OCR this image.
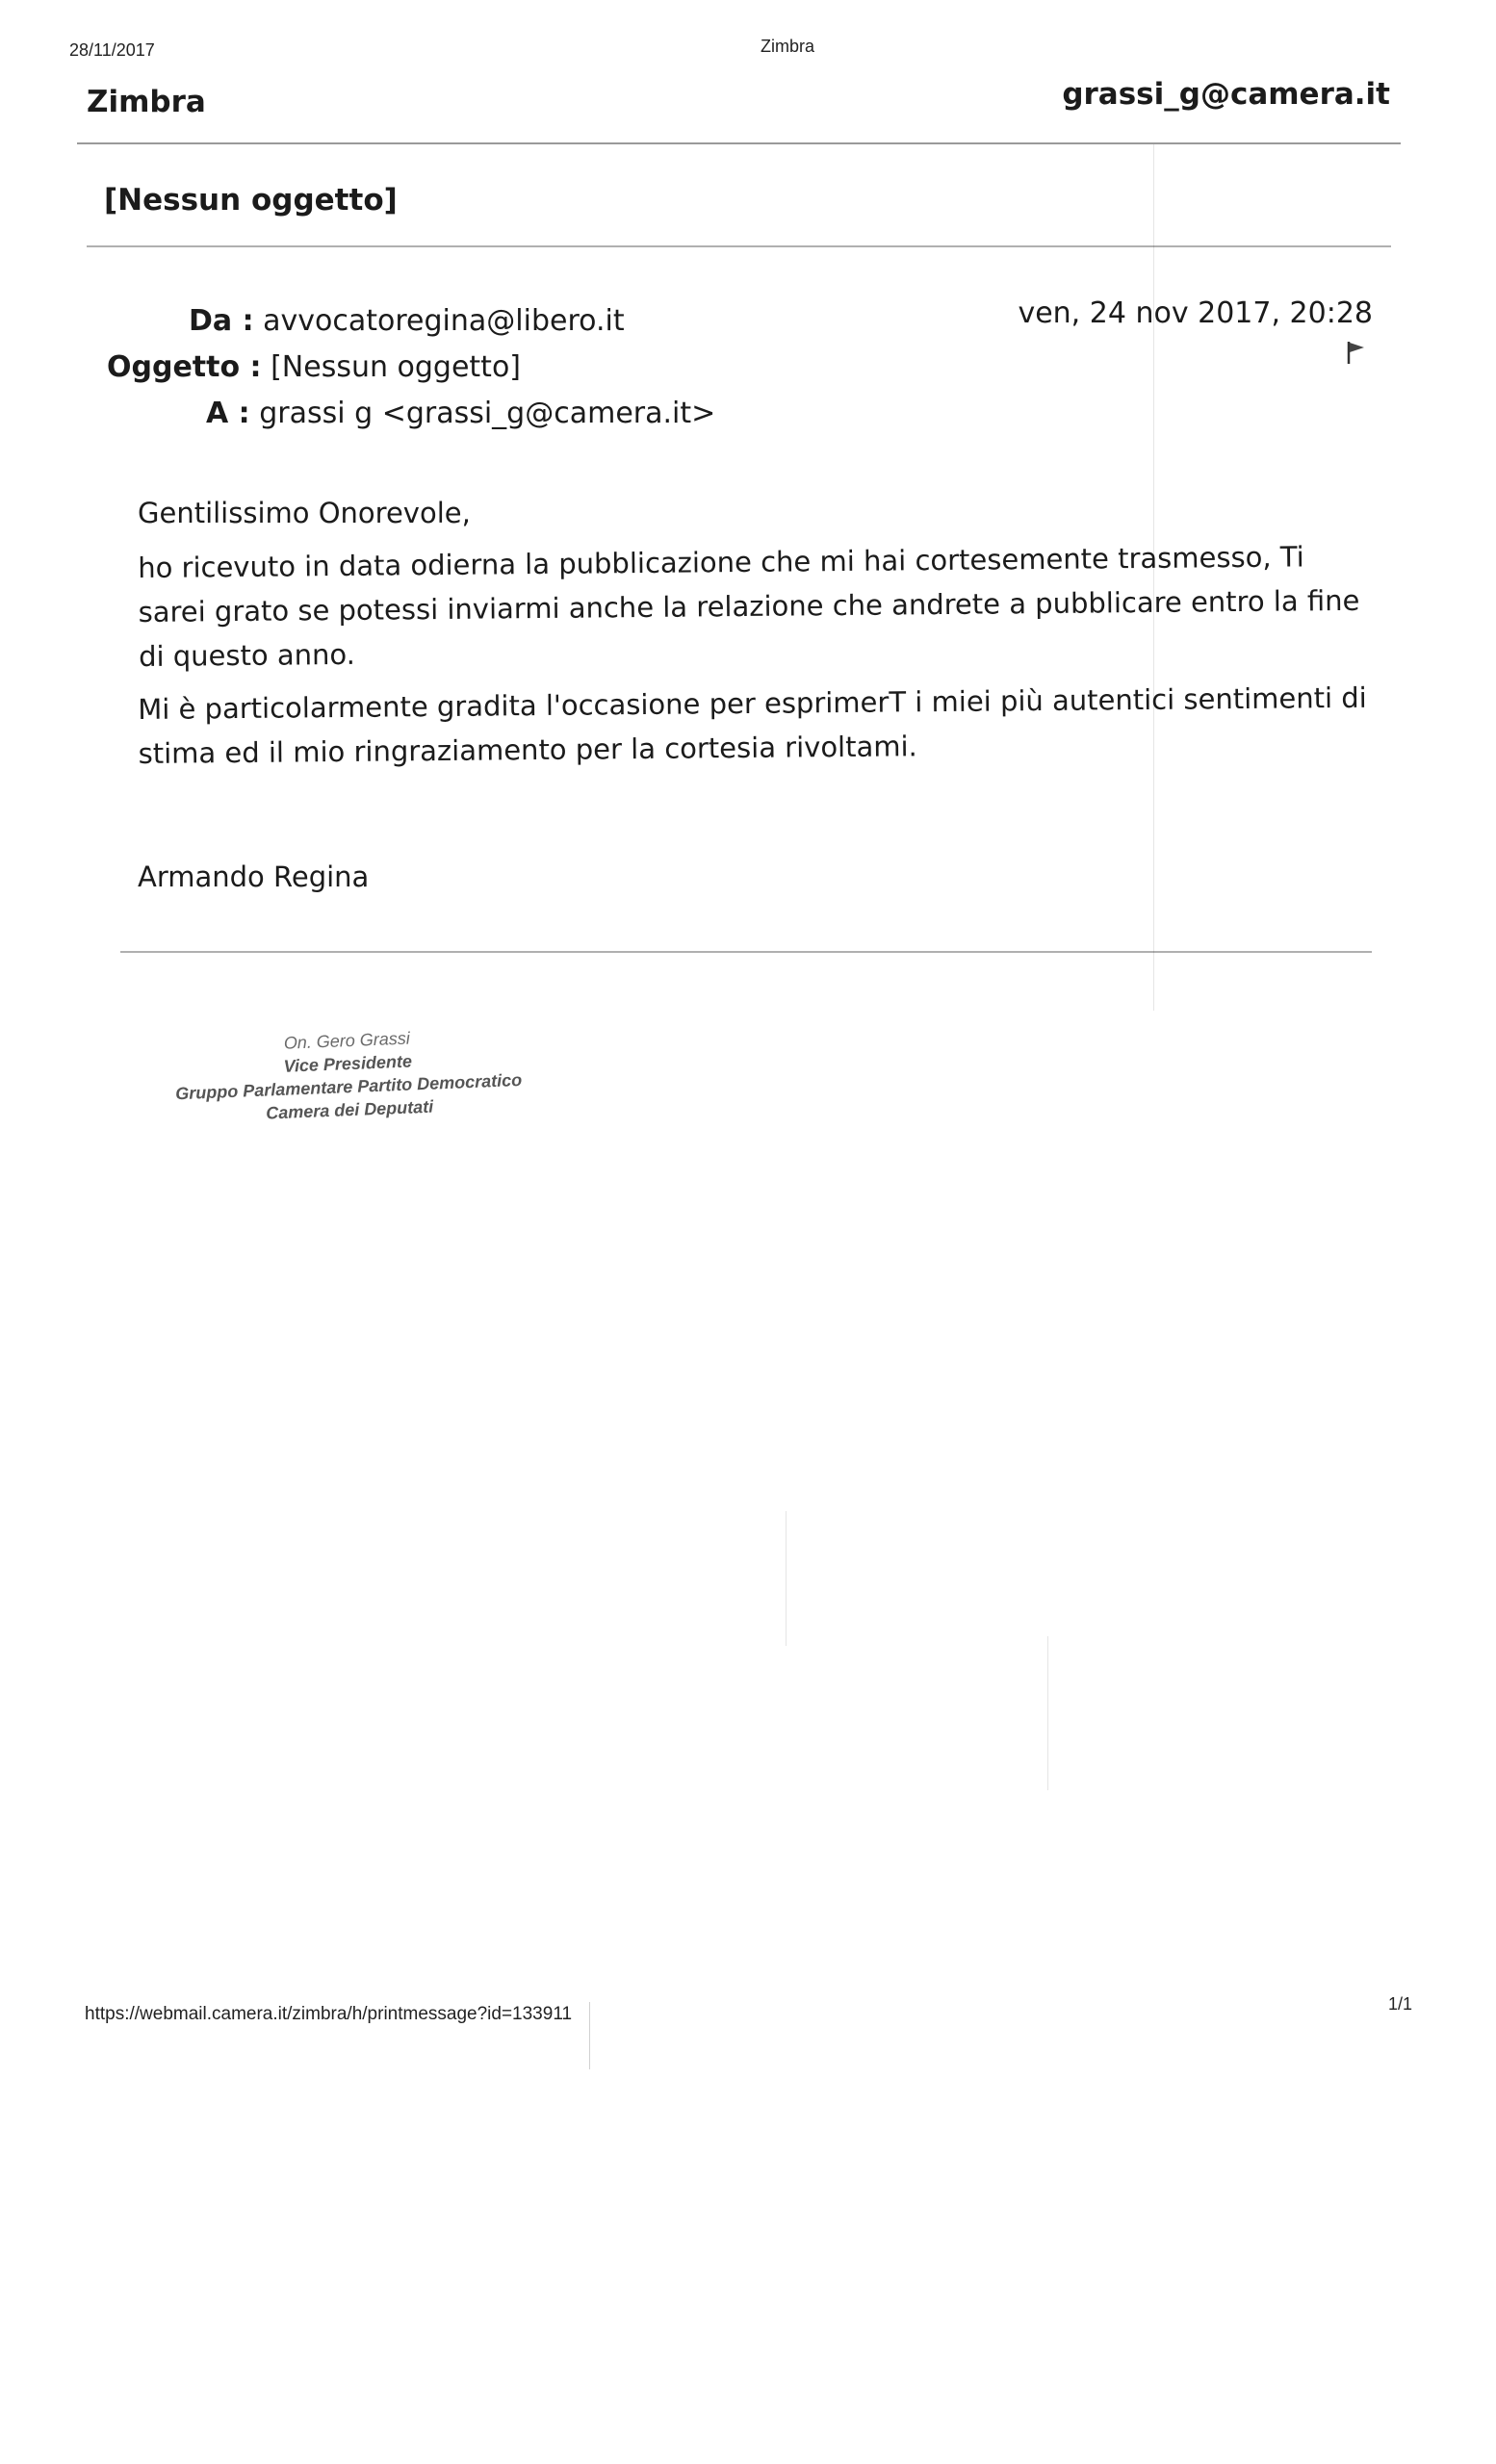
28/11/2017	Zimbra
Zimbra	grassi_g@camera.it
[Nessun oggetto]
Da : avvocatoregina@libero.it
Oggetto : [Nessun oggetto]
A : grassi g <grassi_g@camera.it>
ven, 24 nov 2017, 20:28

Gentilissimo Onorevole,

ho ricevuto in data odierna la pubblicazione che mi hai cortesemente trasmesso, Ti sarei grato se potessi inviarmi anche la relazione che andrete a pubblicare entro la fine di questo anno.

Mi è particolarmente gradita l'occasione per esprimerT i miei più autentici sentimenti di stima ed il mio ringraziamento per la cortesia rivoltami.

Armando Regina

On. Gero Grassi
Vice Presidente
Gruppo Parlamentare Partito Democratico
Camera dei Deputati
https://webmail.camera.it/zimbra/h/printmessage?id=133911	1/1
